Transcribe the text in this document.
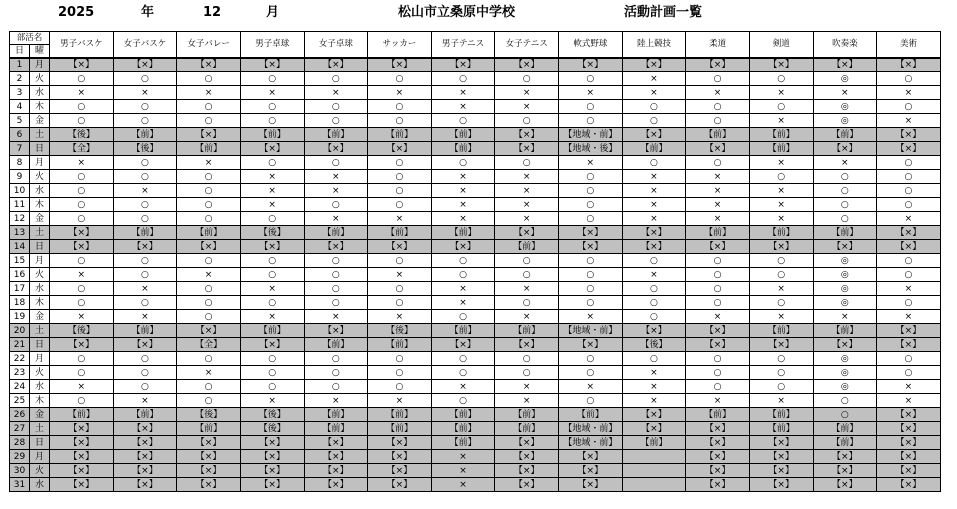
2025	年	12	月	松山市立桑原中学校	活動計画一覧
部活名		男子バスケ	女子バスケ	女子バレー	男子卓球	女子卓球	サッカー	男子テニス	女子テニス	軟式野球	陸上競技	柔道	剣道	吹奏楽	美術
日	曜														
1	月	【×】	【×】	【×】	【×】	【×】	【×】	【×】	【×】	【×】	【×】	【×】	【×】	【×】	【×】
2	火	○	○	○	○	○	○	○	○	○	×	○	○	◎	○
3	水	×	×	×	×	×	×	×	×	×	×	×	×	×	×
4	木	○	○	○	○	○	○	×	×	○	○	○	○	◎	○
5	金	○	○	○	○	○	○	○	○	○	○	○	×	◎	×
6	土	【後】	【前】	【×】	【前】	【前】	【前】	【前】	【×】	【地域・前】	【×】	【前】	【前】	【前】	【×】
7	日	【全】	【後】	【前】	【×】	【×】	【×】	【前】	【×】	【地域・後】	【前】	【×】	【前】	【×】	【×】
8	月	×	○	×	○	○	○	○	○	×	○	○	×	×	○
9	火	○	○	○	×	×	○	×	×	○	×	×	○	○	○
10	水	○	×	○	×	×	○	×	×	○	×	×	×	○	○
11	木	○	○	○	×	○	○	×	×	○	×	×	×	○	○
12	金	○	○	○	○	×	×	×	×	○	×	×	×	○	×
13	土	【×】	【前】	【前】	【後】	【前】	【前】	【前】	【×】	【×】	【×】	【前】	【前】	【前】	【×】
14	日	【×】	【×】	【×】	【×】	【×】	【×】	【×】	【前】	【×】	【×】	【×】	【×】	【×】	【×】
15	月	○	○	○	○	○	○	○	○	○	○	○	○	◎	○
16	火	×	○	×	○	○	×	○	○	○	×	○	○	◎	○
17	水	○	×	○	×	○	○	×	×	○	○	○	×	◎	×
18	木	○	○	○	○	○	○	×	○	○	○	○	○	◎	○
19	金	×	×	○	×	×	×	○	×	×	○	×	×	×	×
20	土	【後】	【前】	【×】	【前】	【×】	【後】	【前】	【前】	【地域・前】	【×】	【×】	【前】	【前】	【×】
21	日	【×】	【×】	【全】	【×】	【前】	【前】	【×】	【×】	【×】	【後】	【×】	【×】	【×】	【×】
22	月	○	○	○	○	○	○	○	○	○	○	○	○	◎	○
23	火	○	○	×	○	○	○	○	○	○	×	○	○	◎	○
24	水	×	○	○	○	○	○	×	×	×	×	○	○	◎	×
25	木	○	×	○	×	×	×	○	×	○	×	×	×	○	×
26	金	【前】	【前】	【後】	【後】	【前】	【前】	【前】	【前】	【前】	【×】	【前】	【前】	○	【×】
27	土	【×】	【×】	【前】	【後】	【前】	【前】	【前】	【前】	【地域・前】	【×】	【×】	【前】	【前】	【×】
28	日	【×】	【×】	【×】	【×】	【×】	【×】	【前】	【×】	【地域・前】	【前】	【×】	【×】	【前】	【×】
29	月	【×】	【×】	【×】	【×】	【×】	【×】	×	【×】	【×】		【×】	【×】	【×】	【×】
30	火	【×】	【×】	【×】	【×】	【×】	【×】	×	【×】	【×】		【×】	【×】	【×】	【×】
31	水	【×】	【×】	【×】	【×】	【×】	【×】	×	【×】	【×】		【×】	【×】	【×】	【×】
